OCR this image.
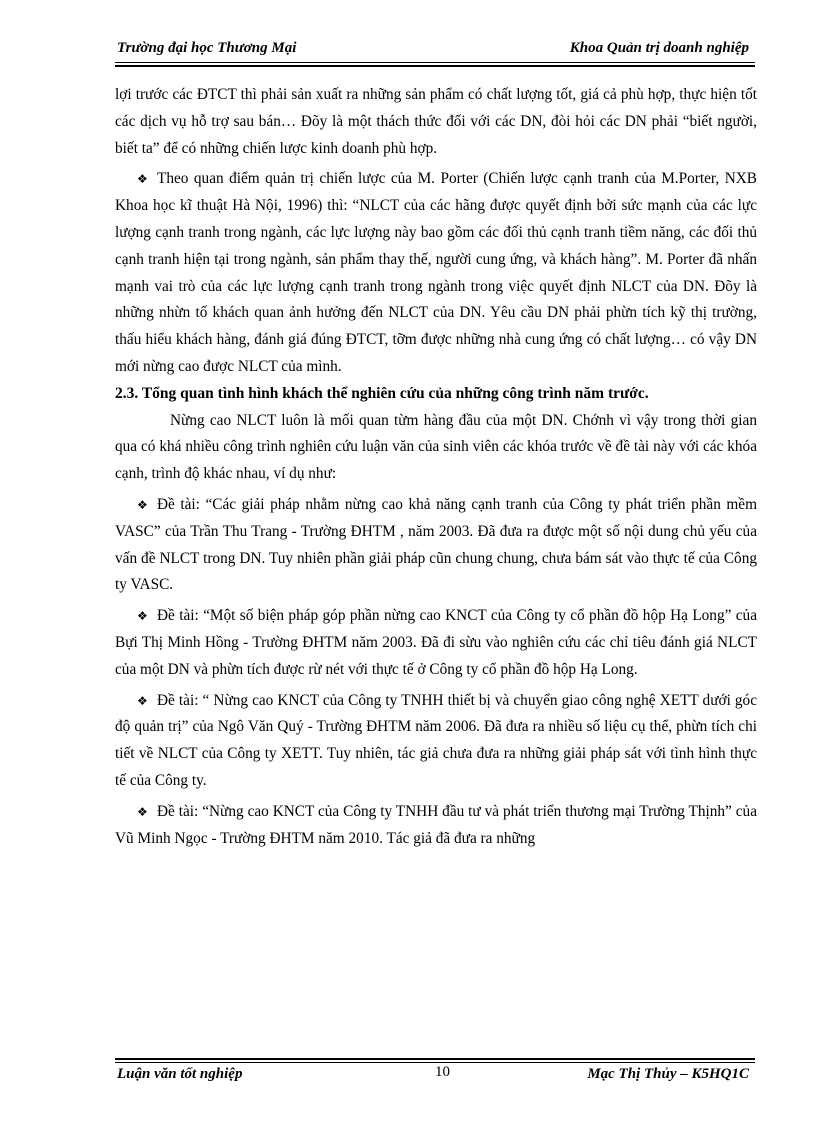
Trường đại học Thương Mại	Khoa Quản trị doanh nghiệp

lợi trước các ĐTCT thì phải sản xuất ra những sản phẩm có chất lượng tốt, giá cả phù hợp, thực hiện tốt các dịch vụ hỗ trợ sau bán… Đõy là một thách thức đối với các DN, đòi hỏi các DN phải “biết người, biết ta” để có những chiến lược kinh doanh phù hợp.

❖ Theo quan điểm quản trị chiến lược của M. Porter (Chiến lược cạnh tranh của M.Porter, NXB Khoa học kĩ thuật Hà Nội, 1996) thì: “NLCT của các hãng được quyết định bởi sức mạnh của các lực lượng cạnh tranh trong ngành, các lực lượng này bao gồm các đối thủ cạnh tranh tiềm năng, các đối thủ cạnh tranh hiện tại trong ngành, sản phẩm thay thế, người cung ứng, và khách hàng”. M. Porter đã nhấn mạnh vai trò của các lực lượng cạnh tranh trong ngành trong việc quyết định NLCT của DN. Đõy là những nhừn tố khách quan ảnh hưởng đến NLCT của DN. Yêu cầu DN phải phừn tích kỹ thị trường, thấu hiểu khách hàng, đánh giá đúng ĐTCT, tỡm được những nhà cung ứng có chất lượng… có vậy DN mới nừng cao được NLCT của mình.

2.3. Tổng quan tình hình khách thể nghiên cứu của những công trình năm trước.

Nừng cao NLCT luôn là mối quan từm hàng đầu của một DN. Chớnh vì vậy trong thời gian qua có khá nhiều công trình nghiên cứu luận văn của sinh viên các khóa trước về đề tài này với các khóa cạnh, trình độ khác nhau, ví dụ như:

❖ Đề tài: “Các giải pháp nhằm nừng cao khả năng cạnh tranh của Công ty phát triển phần mềm VASC” của Trần Thu Trang - Trường ĐHTM , năm 2003. Đã đưa ra được một số nội dung chủ yếu của vấn đề NLCT trong DN. Tuy nhiên phần giải pháp cũn chung chung, chưa bám sát vào thực tế của Công ty VASC.

❖ Đề tài: “Một số biện pháp góp phần nừng cao KNCT của Công ty cổ phần đồ hộp Hạ Long” của Bựi Thị Minh Hồng - Trường ĐHTM năm 2003. Đã đi sừu vào nghiên cứu các chỉ tiêu đánh giá NLCT của một DN và phừn tích được rừ nét với thực tế ở Công ty cổ phần đồ hộp Hạ Long.

❖ Đề tài: “ Nừng cao KNCT của Công ty TNHH thiết bị và chuyển giao công nghệ XETT dưới góc độ quản trị” của Ngô Văn Quý - Trường ĐHTM năm 2006. Đã đưa ra nhiều số liệu cụ thể, phừn tích chi tiết về NLCT của Công ty XETT. Tuy nhiên, tác giả chưa đưa ra những giải pháp sát với tình hình thực tế của Công ty.

❖ Đề tài: “Nừng cao KNCT của Công ty TNHH đầu tư và phát triển thương mại Trường Thịnh” của Vũ Minh Ngọc - Trường ĐHTM năm 2010. Tác giả đã đưa ra những

Luận văn tốt nghiệp	10	Mạc Thị Thủy – K5HQ1C
